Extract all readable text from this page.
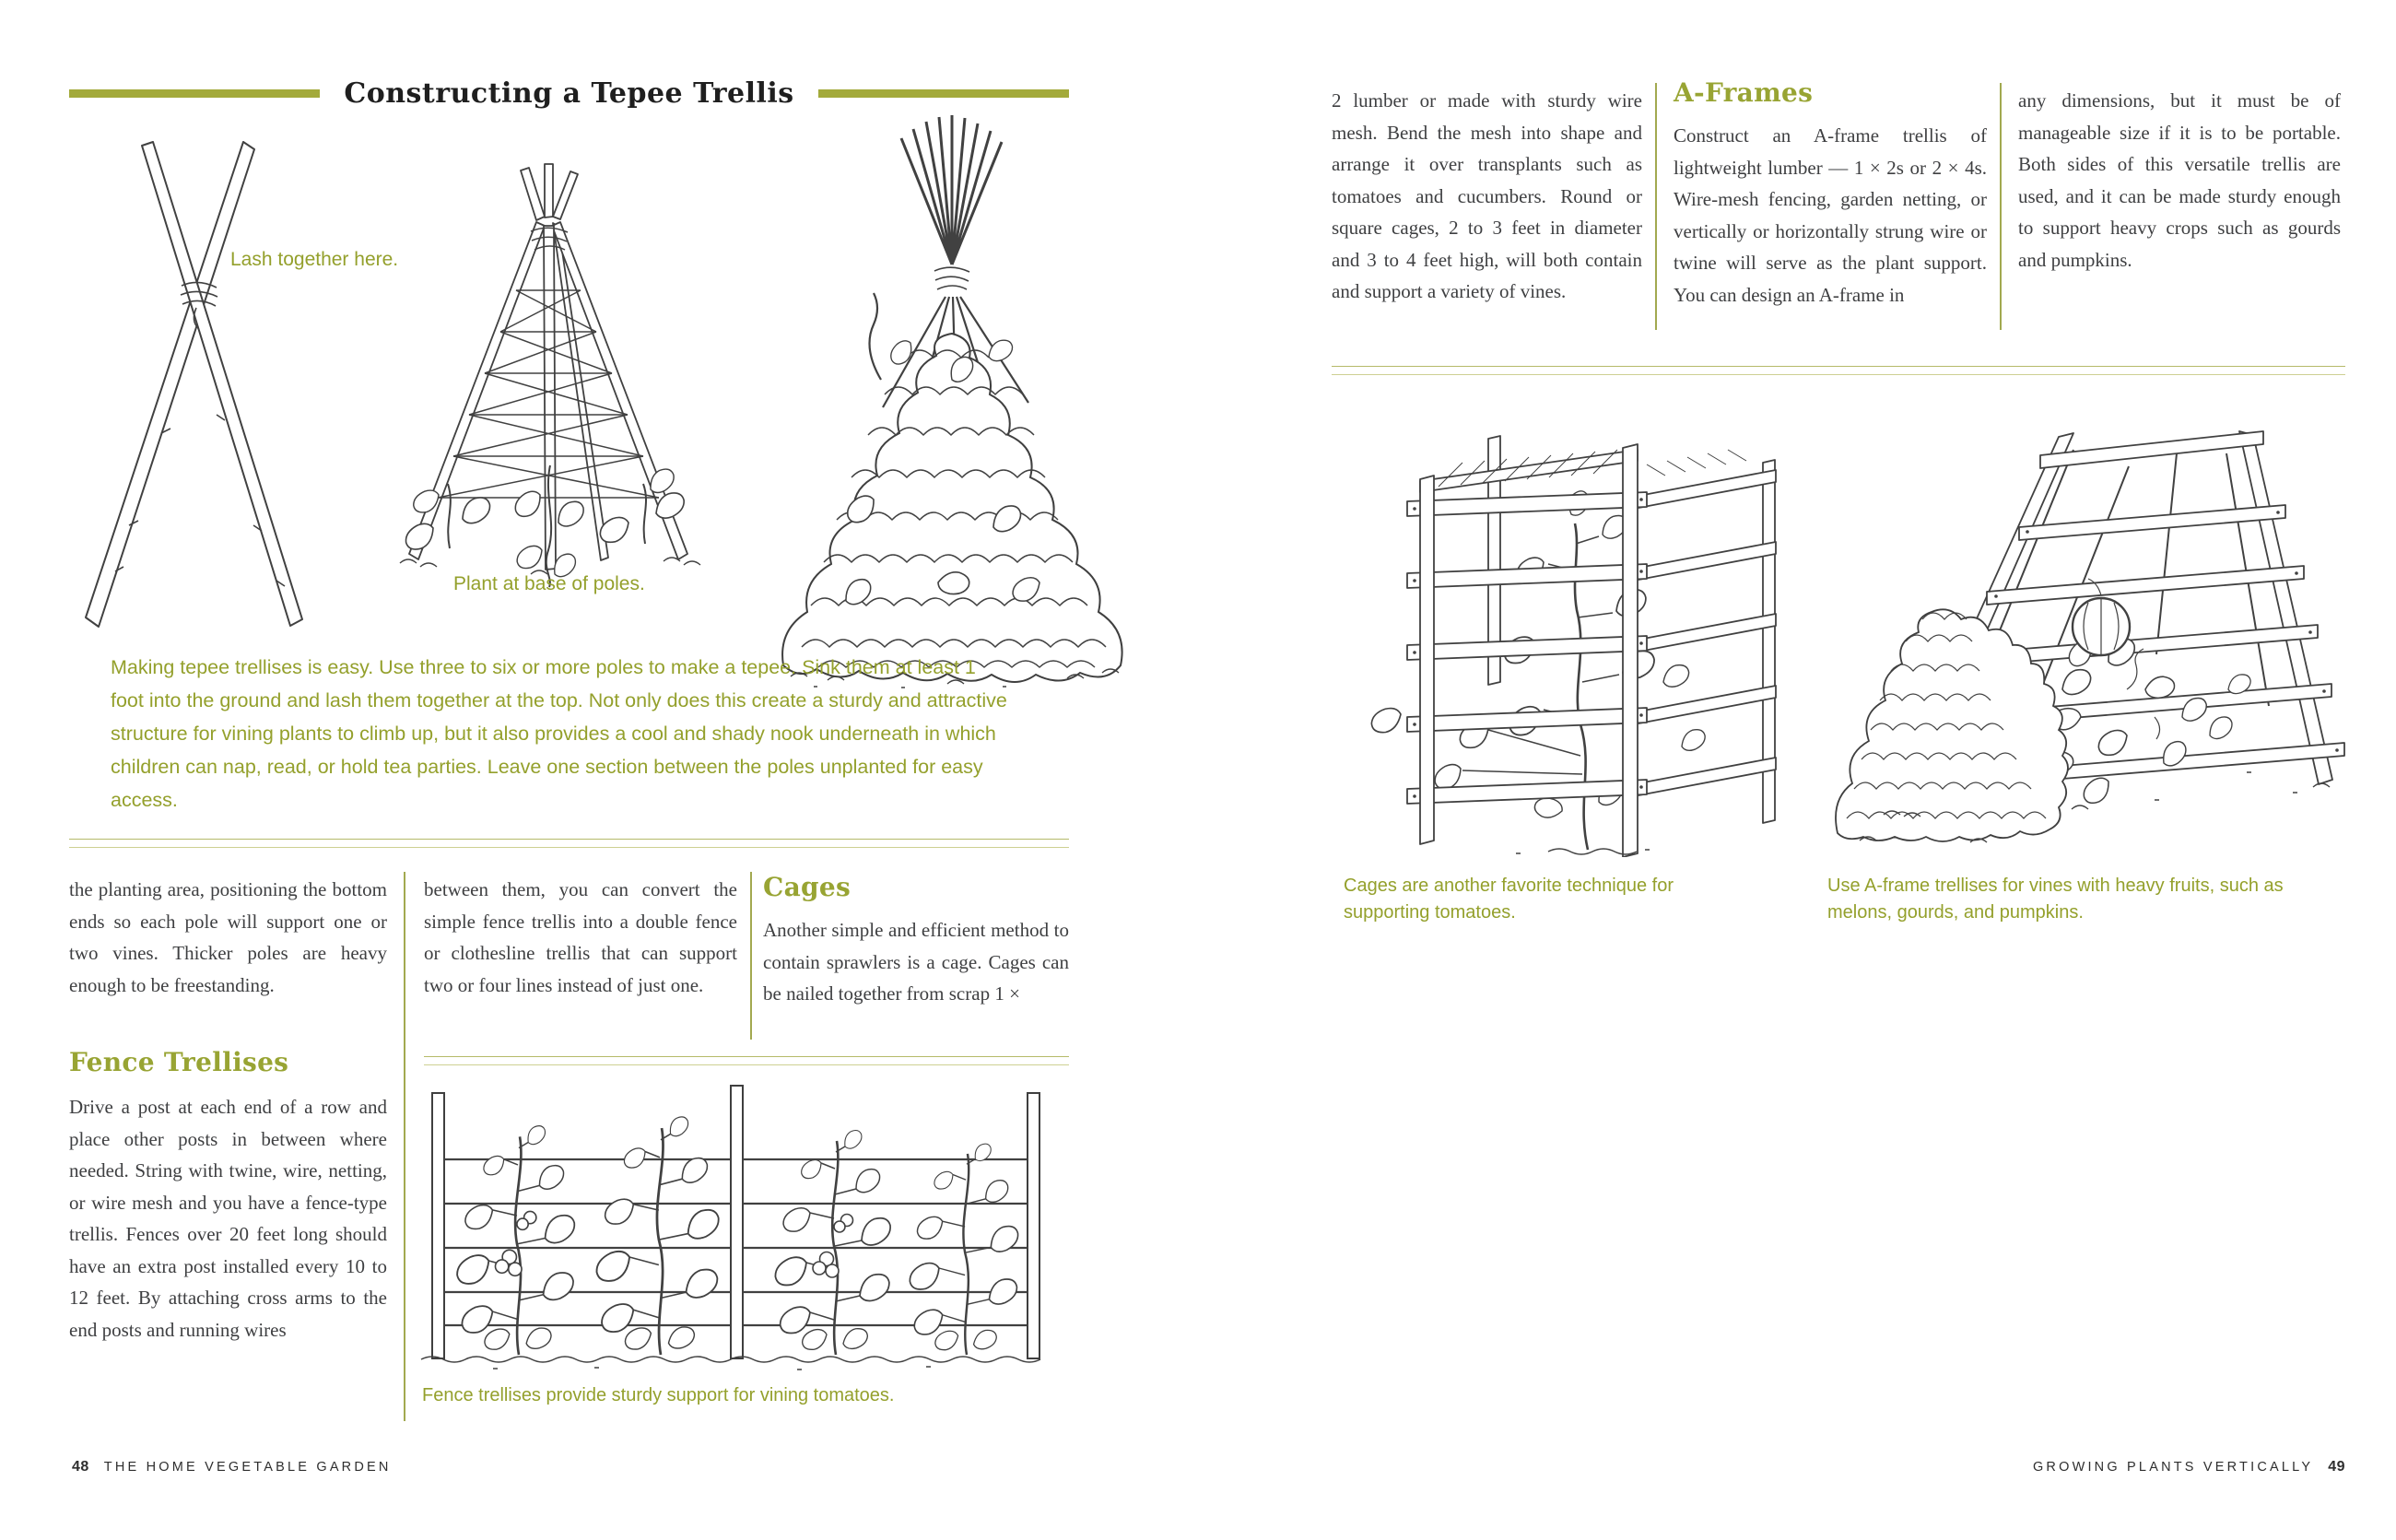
Constructing a Tepee Trellis
Lash together here.
Plant at base of poles.
Making tepee trellises is easy. Use three to six or more poles to make a tepee. Sink them at least 1 foot into the ground and lash them together at the top. Not only does this create a sturdy and attractive structure for vining plants to climb up, but it also provides a cool and shady nook underneath in which children can nap, read, or hold tea parties. Leave one section between the poles unplanted for easy access.
the planting area, positioning the bottom ends so each pole will support one or two vines. Thicker poles are heavy enough to be freestanding.
Fence Trellises
Drive a post at each end of a row and place other posts in between where needed. String with twine, wire, netting, or wire mesh and you have a fence-type trellis. Fences over 20 feet long should have an extra post installed every 10 to 12 feet. By attaching cross arms to the end posts and running wires
between them, you can convert the simple fence trellis into a double fence or clothesline trellis that can support two or four lines instead of just one.
Cages
Another simple and efficient method to contain sprawlers is a cage. Cages can be nailed together from scrap 1 ×
Fence trellises provide sturdy support for vining tomatoes.
48 THE HOME VEGETABLE GARDEN
2 lumber or made with sturdy wire mesh. Bend the mesh into shape and arrange it over transplants such as tomatoes and cucumbers. Round or square cages, 2 to 3 feet in diameter and 3 to 4 feet high, will both contain and support a variety of vines.
A-Frames
Construct an A-frame trellis of lightweight lumber — 1 × 2s or 2 × 4s. Wire-mesh fencing, garden netting, or vertically or horizontally strung wire or twine will serve as the plant support. You can design an A-frame in
any dimensions, but it must be of manageable size if it is to be portable. Both sides of this versatile trellis are used, and it can be made sturdy enough to support heavy crops such as gourds and pumpkins.
Cages are another favorite technique for supporting tomatoes.
Use A-frame trellises for vines with heavy fruits, such as melons, gourds, and pumpkins.
GROWING PLANTS VERTICALLY 49
